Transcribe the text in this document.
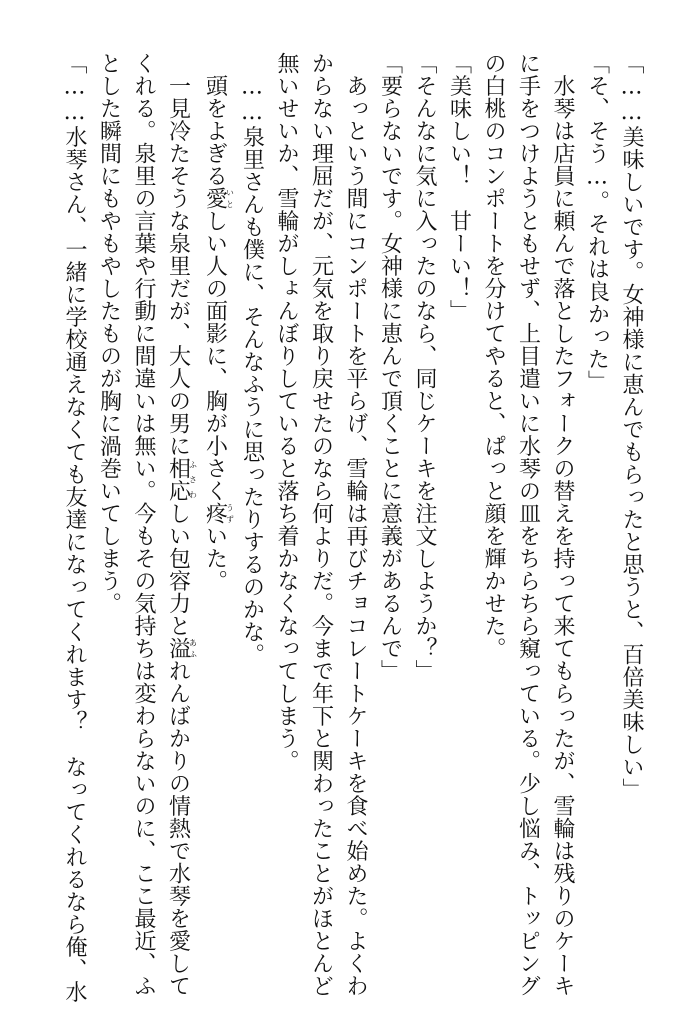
「……美味しいです。女神様に恵んでもらったと思うと、百倍美味しい」
「そ、そう…。それは良かった」
　水琴は店員に頼んで落としたフォークの替えを持って来てもらったが、雪輪は残りのケーキ
に手をつけようともせず、上目遣いに水琴の皿をちらちら窺っている。少し悩み、トッピング
の白桃のコンポートを分けてやると、ぱっと顔を輝かせた。
「美味しい！　甘ーい！」
「そんなに気に入ったのなら、同じケーキを注文しようか？」
「要らないです。女神様に恵んで頂くことに意義があるんで」
　あっという間にコンポートを平らげ、雪輪は再びチョコレートケーキを食べ始めた。よくわ
からない理屈だが、元気を取り戻せたのなら何よりだ。今まで年下と関わったことがほとんど
無いせいか、雪輪がしょんぼりしていると落ち着かなくなってしまう。
　……泉里さんも僕に、そんなふうに思ったりするのかな。
　頭をよぎる愛いとしい人の面影に、胸が小さく疼うずいた。
　一見冷たそうな泉里だが、大人の男に相応ふさわしい包容力と溢あふれんばかりの情熱で水琴を愛して
くれる。泉里の言葉や行動に間違いは無い。今もその気持ちは変わらないのに、ここ最近、ふ
とした瞬間にもやもやしたものが胸に渦巻いてしまう。
「……水琴さん、一緒に学校通えなくても友達になってくれます？　なってくれるなら俺、水
